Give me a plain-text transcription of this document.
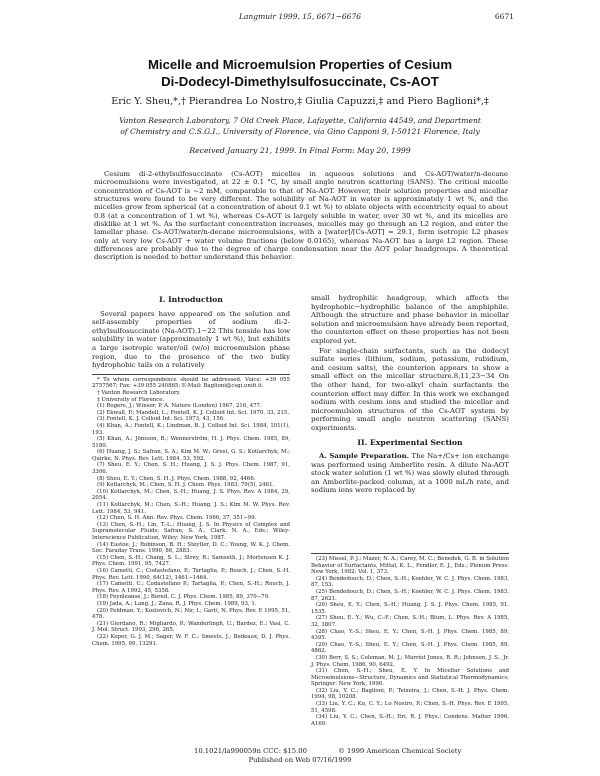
Langmuir 1999, 15, 6671−6676	6671
Micelle and Microemulsion Properties of Cesium
Di-Dodecyl-Dimethylsulfosuccinate, Cs-AOT
Eric Y. Sheu,*,† Pierandrea Lo Nostro,‡ Giulia Capuzzi,‡ and Piero Baglioni*,‡
Vanton Research Laboratory, 7 Old Creek Place, Lafayette, California 44549, and Department
of Chemistry and C.S.G.I., University of Florence, via Gino Capponi 9, I-50121 Florence, Italy
Received January 21, 1999. In Final Form: May 20, 1999

Cesium di-2-ethylsulfosuccinate (Cs-AOT) micelles in aqueous solutions and Cs-AOT/water/n-decane microemulsions were investigated, at 22 ± 0.1 °C, by small angle neutron scattering (SANS). The critical micelle concentration of Cs-AOT is ~2 mM, comparable to that of Na-AOT. However, their solution properties and micellar structures were found to be very different. The solubility of Na-AOT in water is approximately 1 wt %, and the micelles grow from spherical (at a concentration of about 0.1 wt %) to oblate objects with eccentricity equal to about 0.8 (at a concentration of 1 wt %), whereas Cs-AOT is largely soluble in water, over 30 wt %, and its micelles are disklike at 1 wt %. As the surfactant concentration increases, micelles may go through an L2 region, and enter the lamellar phase. Cs-AOT/water/n-decane microemulsions, with a [water]/[Cs-AOT] = 29.1, form isotropic L2 phases only at very low Cs-AOT + water volume fractions (below 0.0165), whereas Na-AOT has a large L2 region. These differences are probably due to the degree of charge condensation near the AOT polar headgroups. A theoretical description is needed to better understand this behavior.

I. Introduction

Several papers have appeared on the solution and self-assembly properties of sodium di-2-ethylsulfosuccinate (Na-AOT).1−22 This tenside has low solubility in water (approximately 1 wt %), but exhibits a large isotropic water/oil (w/o) microemulsion phase region, due to the presence of the two bulky hydrophobic tails on a relatively

* To whom correspondence should be addressed. Voice: +39 055 2757567; Fax: +39 055 240865; E-Mail: Baglioni@csgi.unifi.it.

† Vanton Research Laboratory.

‡ University of Florence.

(1) Rogers, J.; Winsor, P. A. Nature (London) 1967, 216, 477.

(2) Ekwall, P.; Mandell, L.; Fontell, K. J. Colloid Int. Sci. 1970, 33, 215.

(3) Fontell, K. J. Colloid Int. Sci. 1973, 43, 156.

(4) Khan, A.; Fontell, K.; Lindman, B. J. Colloid Int. Sci. 1984, 101(1), 193.

(5) Khan, A.; Jönsson, B.; Wennerström, H. J. Phys. Chem. 1985, 89, 5180.

(6) Huang, J. S.; Safran, S. A.; Kim M. W.; Grest, G. S.; Kotlarchyk, M.; Quirke, N. Phys. Rev. Lett. 1984, 53, 592.

(7) Sheu, E. Y.; Chen, S. H.; Huang, J. S. J. Phys. Chem. 1987, 91, 3306.

(8) Sheu, E. Y.; Chen, S. H. J. Phys. Chem. 1988, 92, 4466.

(9) Kotlarchyk, M.; Chen, S. H. J. Chem. Phys. 1983, 79(5), 2461.

(10) Kotlarchyk, M.; Chen, S.-H.; Huang, J. S. Phys. Rev. A 1984, 29, 2054.

(11) Kotlarchyk, M.; Chen, S.-H.; Huang, J. S.; Kim M. W. Phys. Rev. Lett. 1984, 53, 941.

(12) Chen, S. H. Ann. Rev. Phys. Chem. 1986, 37, 351−99.

(13) Chen, S.-H.; Lin, T.-L.; Huang, J. S. In Physics of Complex and Supramolecular Fluids; Safran, S. A., Clark. N. A., Eds.; Wiley-Interscience Publication, Wiley: New York, 1987.

(14) Eastoe, J.; Robinson, B. H.; Steytler, D. C.; Young, W. K. J. Chem. Soc. Faraday Trans. 1990, 86, 2883.

(15) Chen, S.-H.; Chang, S. L.; Strey, R.; Samseth, J.; Mortensen K. J. Phys. Chem. 1991, 95, 7427.

(16) Cametti, C.; Codastefano, P.; Tartaglia, P.; Rouch, J.; Chen, S.-H. Phys. Rev. Lett. 1990, 64(12), 1461−1464.

(17) Cametti, C.; Codastefano P.; Tartaglia, P.; Chen, S.-H.; Rouch, J. Phys. Rev. A 1992, 45, 5358.

(18) Feynleanse, J.; Bored, C. J. Phys. Chem. 1985, 89, 370−79.

(19) Jada, A.; Lang, J.; Zana, R. J. Phys. Chem. 1989, 93, 1.

(20) Feldman, Y.; Kozlovich, N.; Nir, I.; Garti, N. Phys. Rev. E 1995, 51, 478.

(21) Giordano, R.; Migliardo, P.; Wanderlingh, U.; Bardez, E.; Vasi, C. J. Mol. Struct. 1993, 296, 265.

(22) Koper, G. J. M.; Sager, W. F. C.; Smeets, J.; Bedeaux, D. J. Phys. Chem. 1995, 99, 13291.

small hydrophilic headgroup, which affects the hydrophobic−hydrophilic balance of the amphiphile. Although the structure and phase behavior in micellar solution and microemulsion have already been reported, the counterion effect on these properties has not been explored yet.

For single-chain surfactants, such as the dodecyl sulfate series (lithium, sodium, potassium, rubidium, and cesium salts), the counterion appears to show a small effect on the micellar structure.8,11,23−34 On the other hand, for two-alkyl chain surfactants the counterion effect may differ. In this work we exchanged sodium with cesium ions and studied the micellar and microemulsion structures of the Cs-AOT system by performing small angle neutron scattering (SANS) experiments.

II. Experimental Section

A. Sample Preparation. The Na+/Cs+ ion exchange was performed using Amberlite resin. A dilute Na-AOT stock water solution (1 wt %) was slowly eluted through an Amberlite-packed column, at a 1000 mL/h rate, and sodium ions were replaced by

(23) Missel, P. J.; Mazer, N. A.; Carey, M. C.; Benedek, G. B. in Solution Behavior of Surfactants, Mittal, K. L., Fendler, E. J., Eds.; Plenum Press: New York, 1982; Vol. 1, 373.

(24) Bendedouch, D.; Chen, S.-H.; Koehler, W. C. J. Phys. Chem. 1983, 87, 153.

(25) Bendedouch, D.; Chen, S.-H.; Koehler, W. C. J. Phys. Chem. 1983, 87, 2621.

(26) Sheu, E. Y.; Chen, S.-H.; Huang, J. S. J. Phys. Chem. 1985, 91, 1535.

(27) Sheu, E. Y.; Wu, C.-F.; Chen, S.-H.; Blum, L. Phys. Rev. A 1985, 32, 3807.

(28) Chao, Y.-S.; Sheu, E. Y.; Chen, S.-H. J. Phys. Chem. 1985, 89, 4395.

(29) Chao, Y.-S.; Sheu, E. Y.; Chen, S.-H. J. Phys. Chem. 1985, 89, 4862.

(30) Berr, S. S.; Coleman, M. J.; Marriot Jones, R. R.; Johnson, J. S., Jr. J. Phys. Chem. 1986, 90, 6492.

(31) Chen, S.-H.; Sheu, E. Y. In Micellar Solutions and Microemulsions−Structure, Dynamics and Statistical Thermodynamics; Springer: New York, 1990.

(32) Liu, Y. C.; Baglioni, P.; Teixeira, J.; Chen, S.-H. J. Phys. Chem. 1994, 98, 10208.

(33) Liu, Y. C.; Ku, C. Y.; Lo Nostro, P.; Chen, S.-H. Phys. Rev. E 1995, 51, 4598.

(34) Liu, Y. C.; Chen, S.-H.; Itri, R. J. Phys.: Condens. Matter 1996, A169.

10.1021/la990059n CCC: $15.00	© 1999 American Chemical Society
Published on Web 07/16/1999
